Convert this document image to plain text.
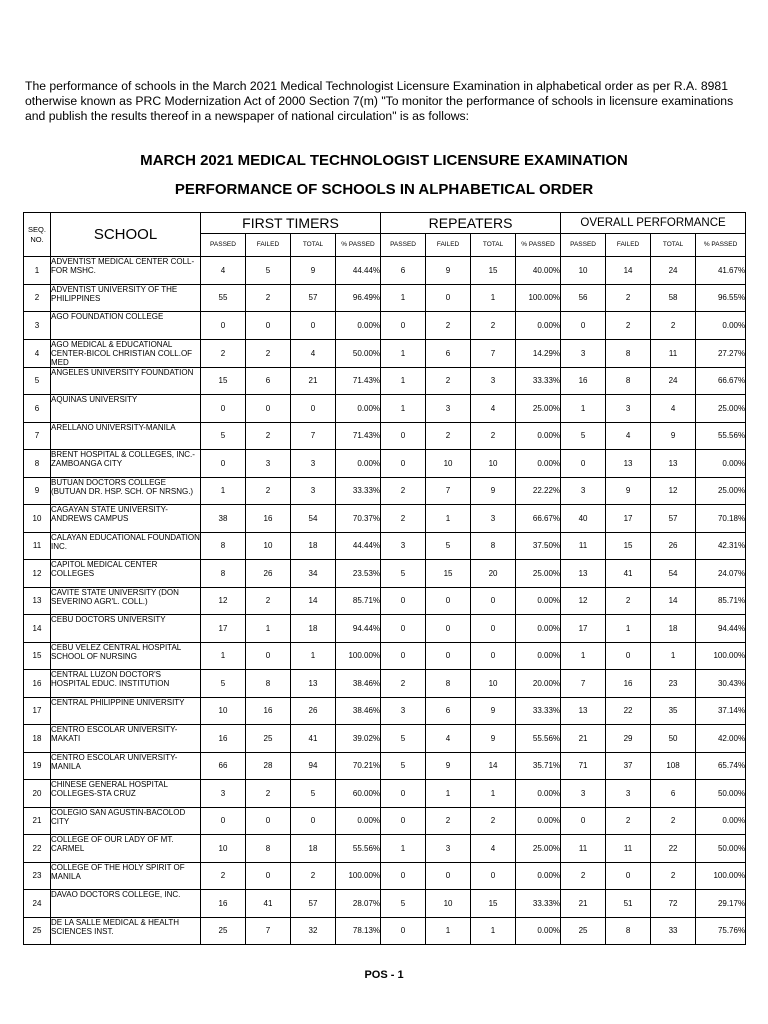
The performance of schools in the March 2021 Medical Technologist Licensure Examination in alphabetical order as per R.A. 8981 otherwise known as PRC Modernization Act of 2000 Section 7(m) "To monitor the performance of schools in licensure examinations and publish the results thereof in a newspaper of national circulation" is as follows:

MARCH 2021 MEDICAL TECHNOLOGIST LICENSURE EXAMINATION
PERFORMANCE OF SCHOOLS IN ALPHABETICAL ORDER
SEQ. NO.	SCHOOL	FIRST TIMERS				REPEATERS				OVERALL PERFORMANCE			
		PASSED	FAILED	TOTAL	% PASSED	PASSED	FAILED	TOTAL	% PASSED	PASSED	FAILED	TOTAL	% PASSED
1	ADVENTIST MEDICAL CENTER COLL-FOR MSHC.	4	5	9	44.44%	6	9	15	40.00%	10	14	24	41.67%
2	ADVENTIST UNIVERSITY OF THE PHILIPPINES	55	2	57	96.49%	1	0	1	100.00%	56	2	58	96.55%
3	AGO FOUNDATION COLLEGE	0	0	0	0.00%	0	2	2	0.00%	0	2	2	0.00%
4	AGO MEDICAL & EDUCATIONAL CENTER-BICOL CHRISTIAN COLL.OF MED	2	2	4	50.00%	1	6	7	14.29%	3	8	11	27.27%
5	ANGELES UNIVERSITY FOUNDATION	15	6	21	71.43%	1	2	3	33.33%	16	8	24	66.67%
6	AQUINAS UNIVERSITY	0	0	0	0.00%	1	3	4	25.00%	1	3	4	25.00%
7	ARELLANO UNIVERSITY-MANILA	5	2	7	71.43%	0	2	2	0.00%	5	4	9	55.56%
8	BRENT HOSPITAL & COLLEGES, INC.-ZAMBOANGA CITY	0	3	3	0.00%	0	10	10	0.00%	0	13	13	0.00%
9	BUTUAN DOCTORS COLLEGE (BUTUAN DR. HSP. SCH. OF NRSNG.)	1	2	3	33.33%	2	7	9	22.22%	3	9	12	25.00%
10	CAGAYAN STATE UNIVERSITY-ANDREWS CAMPUS	38	16	54	70.37%	2	1	3	66.67%	40	17	57	70.18%
11	CALAYAN EDUCATIONAL FOUNDATION INC.	8	10	18	44.44%	3	5	8	37.50%	11	15	26	42.31%
12	CAPITOL MEDICAL CENTER COLLEGES	8	26	34	23.53%	5	15	20	25.00%	13	41	54	24.07%
13	CAVITE STATE UNIVERSITY (DON SEVERINO AGR'L. COLL.)	12	2	14	85.71%	0	0	0	0.00%	12	2	14	85.71%
14	CEBU DOCTORS UNIVERSITY	17	1	18	94.44%	0	0	0	0.00%	17	1	18	94.44%
15	CEBU VELEZ CENTRAL HOSPITAL SCHOOL OF NURSING	1	0	1	100.00%	0	0	0	0.00%	1	0	1	100.00%
16	CENTRAL LUZON DOCTOR'S HOSPITAL EDUC. INSTITUTION	5	8	13	38.46%	2	8	10	20.00%	7	16	23	30.43%
17	CENTRAL PHILIPPINE UNIVERSITY	10	16	26	38.46%	3	6	9	33.33%	13	22	35	37.14%
18	CENTRO ESCOLAR UNIVERSITY-MAKATI	16	25	41	39.02%	5	4	9	55.56%	21	29	50	42.00%
19	CENTRO ESCOLAR UNIVERSITY-MANILA	66	28	94	70.21%	5	9	14	35.71%	71	37	108	65.74%
20	CHINESE GENERAL HOSPITAL COLLEGES-STA CRUZ	3	2	5	60.00%	0	1	1	0.00%	3	3	6	50.00%
21	COLEGIO SAN AGUSTIN-BACOLOD CITY	0	0	0	0.00%	0	2	2	0.00%	0	2	2	0.00%
22	COLLEGE OF OUR LADY OF MT. CARMEL	10	8	18	55.56%	1	3	4	25.00%	11	11	22	50.00%
23	COLLEGE OF THE HOLY SPIRIT OF MANILA	2	0	2	100.00%	0	0	0	0.00%	2	0	2	100.00%
24	DAVAO DOCTORS COLLEGE, INC.	16	41	57	28.07%	5	10	15	33.33%	21	51	72	29.17%
25	DE LA SALLE MEDICAL & HEALTH SCIENCES INST.	25	7	32	78.13%	0	1	1	0.00%	25	8	33	75.76%

POS - 1
